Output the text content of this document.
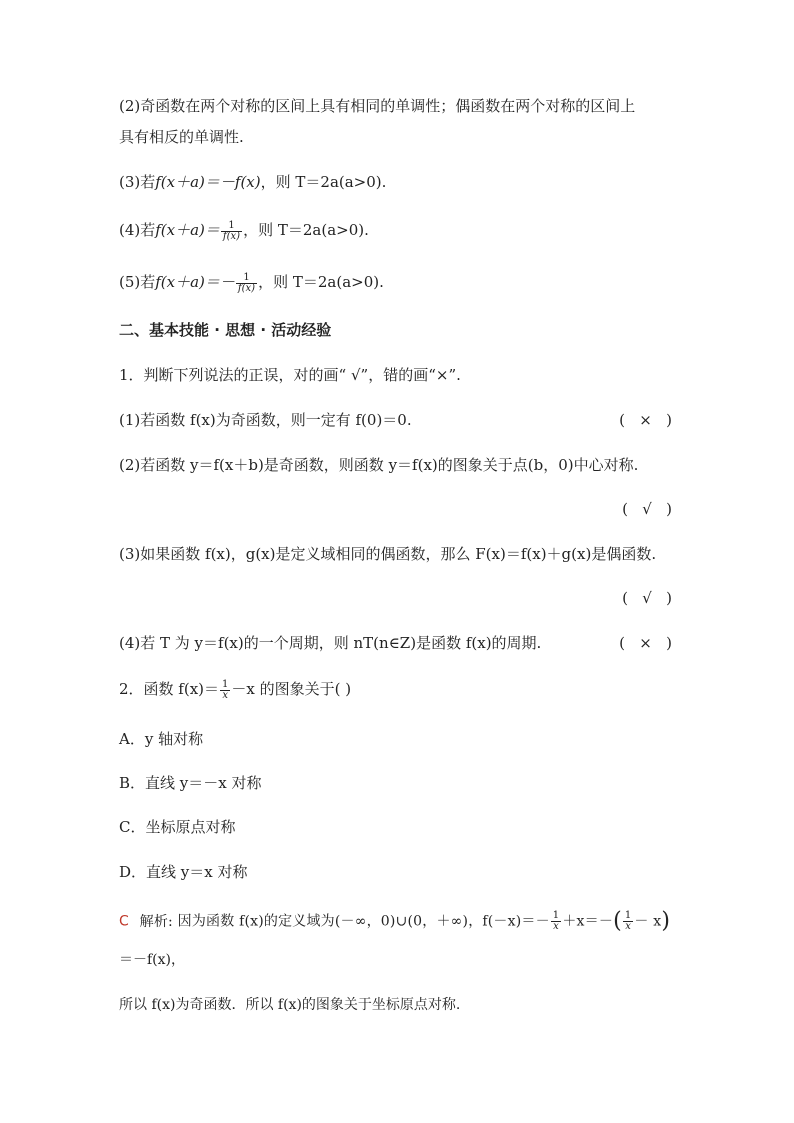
(2)奇函数在两个对称的区间上具有相同的单调性；偶函数在两个对称的区间上
具有相反的单调性.
(3)若f(x＋a)＝－f(x)，则 T＝2a(a>0).
(4)若$f(x+a)= \frac{1}{f(x)}$ ，则 T＝2a(a>0).
(5)若$f(x+a)=- \frac{1}{f(x)}$ ，则 T＝2a(a>0).
二、基本技能 · 思想 · 活动经验
1．判断下列说法的正误，对的画“ √”，错的画“×”.
(1)若函数 f(x)为奇函数，则一定有 f(0)＝0.	(   ×   )
(2)若函数 y＝f(x＋b)是奇函数，则函数 y＝f(x)的图象关于点(b，0)中心对称.
(   √   )
(3)如果函数 f(x)，g(x)是定义域相同的偶函数，那么 F(x)＝f(x)＋g(x)是偶函数.
(   √   )
(4)若 T 为 y＝f(x)的一个周期，则 nT(n∈Z)是函数 f(x)的周期.	(   ×   )
2．函数 $f(x)= \frac{1}{x} -x$ 的图象关于( )
A．y 轴对称
B．直线 y＝－x 对称
C．坐标原点对称
D．直线 y＝x 对称
C 解析: 因为函数 f(x)的定义域为(－∞，0)∪(0，＋∞)，$f(-x)=- \frac{1}{x} +x=-( \frac{1}{x} - x)$
＝－f(x)，
所以 f(x)为奇函数．所以 f(x)的图象关于坐标原点对称.
